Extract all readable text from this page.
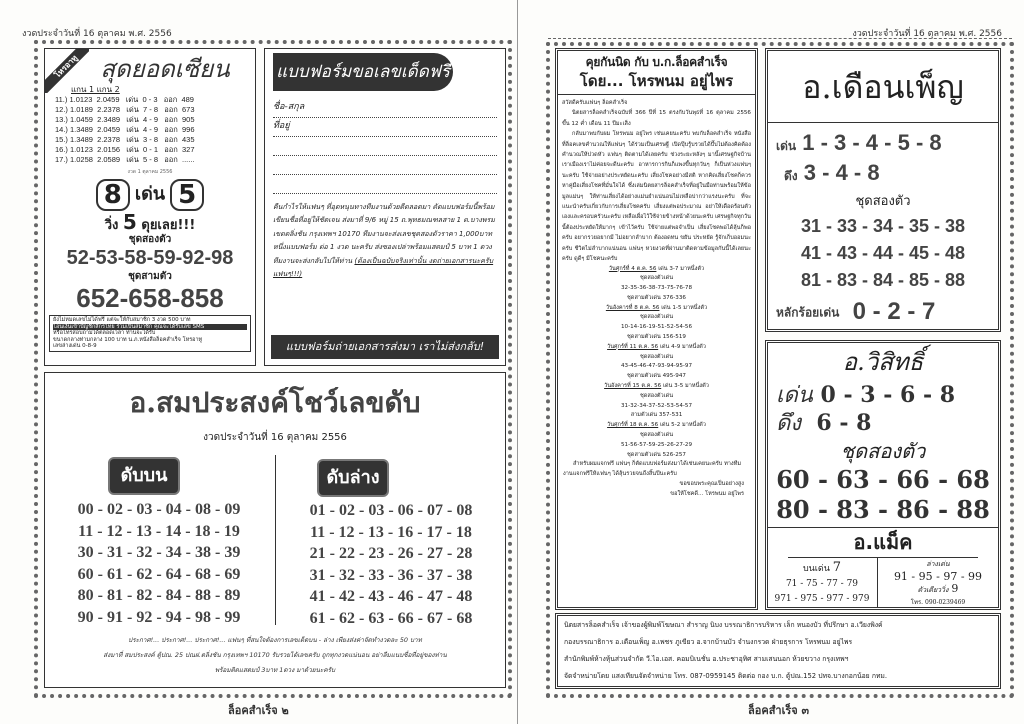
งวดประจำวันที่ 16 ตุลาคม พ.ศ. 2556
โหรอาทู สุดยอดเซียน
แกน 1 แกน 2
11.) 1.0123  2.0459   เด่น  0 - 3   ออก  489
12.) 1.0189  2.2378   เด่น  7 - 8   ออก  673
13.) 1.0459  2.3489   เด่น  4 - 9   ออก  905
14.) 1.3489  2.0459   เด่น  4 - 9   ออก  996
15.) 1.3489  2.2378   เด่น  3 - 8   ออก  435
16.) 1.0123  2.0156   เด่น  0 - 1   ออก  327
17.) 1.0258  2.0589   เด่น  5 - 8   ออก  ......
งวด 1 ตุลาคม 2556
8 เด่น 5
วิ่ง 5 ดุยเลย!!!
ชุดสองตัว
52-53-58-59-92-98
ชุดสามตัว
652-658-858
ยังไม่หมดเลขไม่ได้ฟรี แต่จะให้กับสมาชิก 3 งวด 500 บาท
โอนเงินเข้าบัญชีกสิกรไทย ร่วมเป็นสมาชิก คุณจะได้รับเลข SMS
หรือโทรสอบถามได้ตลอดเวลา ท่านจะได้รับ
ขนาดกลางท่ามกลาง 100 บาท น.ภ.หนังสือล็อคสำเร็จ โหรอาทู
เลขล่างเด่น 0-8-9
แบบฟอร์มขอเลขเด็ดฟรี
ชื่อ-สกุล
ที่อยู่
คืนกำไรให้แฟนๆ ที่อุดหนุนทางทีมงานด้วยดีตลอดมา ตัดแบบฟอร์มนี้พร้อมเขียนชื่อที่อยู่ให้ชัดเจน ส่งมาที่ 9/6 หมู่ 15 ถ.พุทธมณฑลสาย 1 ต.บางพรม เขตตลิ่งชัน กรุงเทพฯ 10170 ทีมงานจะส่งเลขชุดสองตัวราคา 1,000บาท หนึ่งแบบฟอร์ม ต่อ 1 งวด นะครับ ส่งซองเปล่าพร้อมแสตมป์ 5 บาท 1 ดวง ทีมงานจะส่งกลับไปให้ท่าน (ต้องเป็นฉบับจริงเท่านั้น งดถ่ายเอกสารนะครับแฟนๆ!!!)
แบบฟอร์มถ่ายเอกสารส่งมา เราไม่ส่งกลับ!
อ.สมประสงค์โชว์เลขดับ
งวดประจำวันที่ 16 ตุลาคม 2556
ดับบน	ดับล่าง
00 - 02 - 03 - 04 - 08 - 09
11 - 12 - 13 - 14 - 18 - 19
30 - 31 - 32 - 34 - 38 - 39
60 - 61 - 62 - 64 - 68 - 69
80 - 81 - 82 - 84 - 88 - 89
90 - 91 - 92 - 94 - 98 - 99
01 - 02 - 03 - 06 - 07 - 08
11 - 12 - 13 - 16 - 17 - 18
21 - 22 - 23 - 26 - 27 - 28
31 - 32 - 33 - 36 - 37 - 38
41 - 42 - 43 - 46 - 47 - 48
61 - 62 - 63 - 66 - 67 - 68
ประกาศ!... ประกาศ!... ประกาศ!... แฟนๆ ที่สนใจต้องการเลขเด็ดบน - ล่าง เพียงส่งค่าจัดทำงวดละ 50 บาท
ส่งมาที่ สมประสงค์ ตู้ปณ. 25 ปณฝ.ตลิ่งชัน กรุงเทพฯ 10170 รับรวยได้เลขครับ ถูกทุกงวดแน่นอน อย่าลืมแนบชื่อที่อยู่ของท่าน
พร้อมติดแสตมป์ 3บาท 1ดวง มาด้วยนะครับ
ล็อคสำเร็จ ๒
งวดประจำวันที่ 16 ตุลาคม พ.ศ. 2556
คุยกันนิด กับ บ.ก.ล็อคสำเร็จ
โดย... โหรพนม อยู่ไพร
สวัสดีครับแฟนๆ ล็อคสำเร็จ
นิตยสารล็อคสำเร็จฉบับที่ 366 ปีที่ 15 ตรงกับวันพุธที่ 16 ตุลาคม 2556 ขึ้น 12 ค่ำ เดือน 11 ปีมะเส็ง
กลับมาพบกับผม โหรพนม อยู่ไพร เช่นเคยนะครับ พบกับล็อคสำเร็จ หนังสือที่ล็อคเลขคำนวณให้แฟนๆ ได้ร่วมเป็นเศรษฐี เปิดปุ๊บรู้บรวยได้ปั๊บไม่ต้องคิดต้องคำนวณให้ปวดหัว แฟนๆ ติดตามได้เลยครับ ช่วงระยะหลังๆ มานี้เศรษฐกิจบ้านเราเมืองเราไม่ค่อยจะดีนะครับ อาหารการกินก็แพงขึ้นทุกวันๆ ก็เป็นห่วงแฟนๆ นะครับ ใช้จ่ายอย่างประหยัดนะครับ เสี่ยงโชคอย่างมีสติ หากคิดเสี่ยงโชคก็ควรหาคู่มือเสี่ยงโชคที่มั่นใจได้ ซึ่งเล่มนิตยสารล็อคสำเร็จที่อยู่ในมือท่านพร้อมให้ข้อมูลแม่นๆ ให้ท่านเสี่ยงได้อย่างแม่นยำแน่นอนไม่เหลือบ่ากว่าแรงนะครับ ที่จะแนะนำครับเกี่ยวกับการเสี่ยงโชคครับ เสี่ยงแต่พอประมาณ อย่าให้เดือดร้อนตัวเองและครอบครัวนะครับ เหลือเผื่อไว้ใช้จ่ายข้างหน้าด้วยนะครับ เศรษฐกิจทุกวันนี้ต้องประหยัดให้มากๆ เข้าไว้ครับ ใช้จ่ายแต่พอจำเป็น เสี่ยงโชคพอได้ลุ้นก็พอครับ อยากรวยอยากมี ไม่อยากลำบาก ต้องอดทน ขยัน ประหยัด รู้จักเก็บออมนะครับ ชีวิตไม่ลำบากแน่นอน แฟนๆ หวยงวดที่ผ่านมาติดตามข้อมูลกันนี้ได้เลยนะครับ ดูดีๆ มีโชคนะครับ
วันศุกร์ที่ 4 ต.ค. 56 เด่น 3-7 มาหนึ่งตัว
ชุดสองตัวเด่น
32-35-36-38-73-75-76-78
ชุดสามตัวเด่น 376-336
วันอังคารที่ 8 ต.ค. 56 เด่น 1-5 มาหนึ่งตัว
ชุดสองตัวเด่น
10-14-16-19-51-52-54-56
ชุดสามตัวเด่น 156-519
วันศุกร์ที่ 11 ต.ค. 56 เด่น 4-9 มาหนึ่งตัว
ชุดสองตัวเด่น
43-45-46-47-93-94-95-97
ชุดสามตัวเด่น 495-947
วันอังคารที่ 15 ต.ค. 56 เด่น 3-5 มาหนึ่งตัว
ชุดสองตัวเด่น
31-32-34-37-52-53-54-57
สามตัวเด่น 357-531
วันศุกร์ที่ 18 ต.ค. 56 เด่น 5-2 มาหนึ่งตัว
ชุดสองตัวเด่น
51-56-57-59-25-26-27-29
ชุดสามตัวเด่น 526-257
สำหรับผมแจกฟรี แฟนๆ ก็ตัดแบบฟอร์มส่งมาได้เช่นเคยนะครับ ทางทีมงานแจกฟรีให้แฟนๆ ได้ลุ้นรวยจนถึงสิ้นปีนะครับ
ขอขอบพระคุณเป็นอย่างสูง
ขอให้โชคดี... โหรพนม อยู่ไพร
อ.เดือนเพ็ญ
เด่น 1 - 3 - 4 - 5 - 8
ดึง 3 - 4 - 8
ชุดสองตัว
31 - 33 - 34 - 35 - 38
41 - 43 - 44 - 45 - 48
81 - 83 - 84 - 85 - 88
หลักร้อยเด่น 0 - 2 - 7
อ.วิสิทธิ์
เด่น 0 - 3 - 6 - 8
ดึง 6 - 8
ชุดสองตัว
60 - 63 - 66 - 68
80 - 83 - 86 - 88
อ.แม็ค
บนเด่น 7
71 - 75 - 77 - 79
971 - 975 - 977 - 979
ล่างเด่น
91 - 95 - 97 - 99
ตัวเดียววิ่ง 9
โทร. 090-0239469
นิตยสารล็อคสำเร็จ เจ้าของผู้พิมพ์โฆษณา สำราญ นิบง บรรณาธิการบริหาร เล็ก หนองบัว ที่ปรึกษา อ.เวียงพิงค์
กองบรรณาธิการ อ.เดือนเพ็ญ อ.เพชร ภูเขียว อ.จากบ้านบัว จำนงกรวด ฝ่ายธุรการ โหรพนม อยู่ไพร
สำนักพิมพ์ห้างหุ้นส่วนจำกัด วี.ไอ.เอส. คอมบิเนชั่น อ.ประชาอุทิศ สามเสนนอก ห้วยขวาง กรุงเทพฯ
จัดจำหน่ายโดย แสงเทียนจัดจำหน่าย โทร. 087-0959145 ติดต่อ กอง บ.ก. ตู้ปณ.152 ปทจ.บางกอกน้อย กทม.
ล็อคสำเร็จ ๓
